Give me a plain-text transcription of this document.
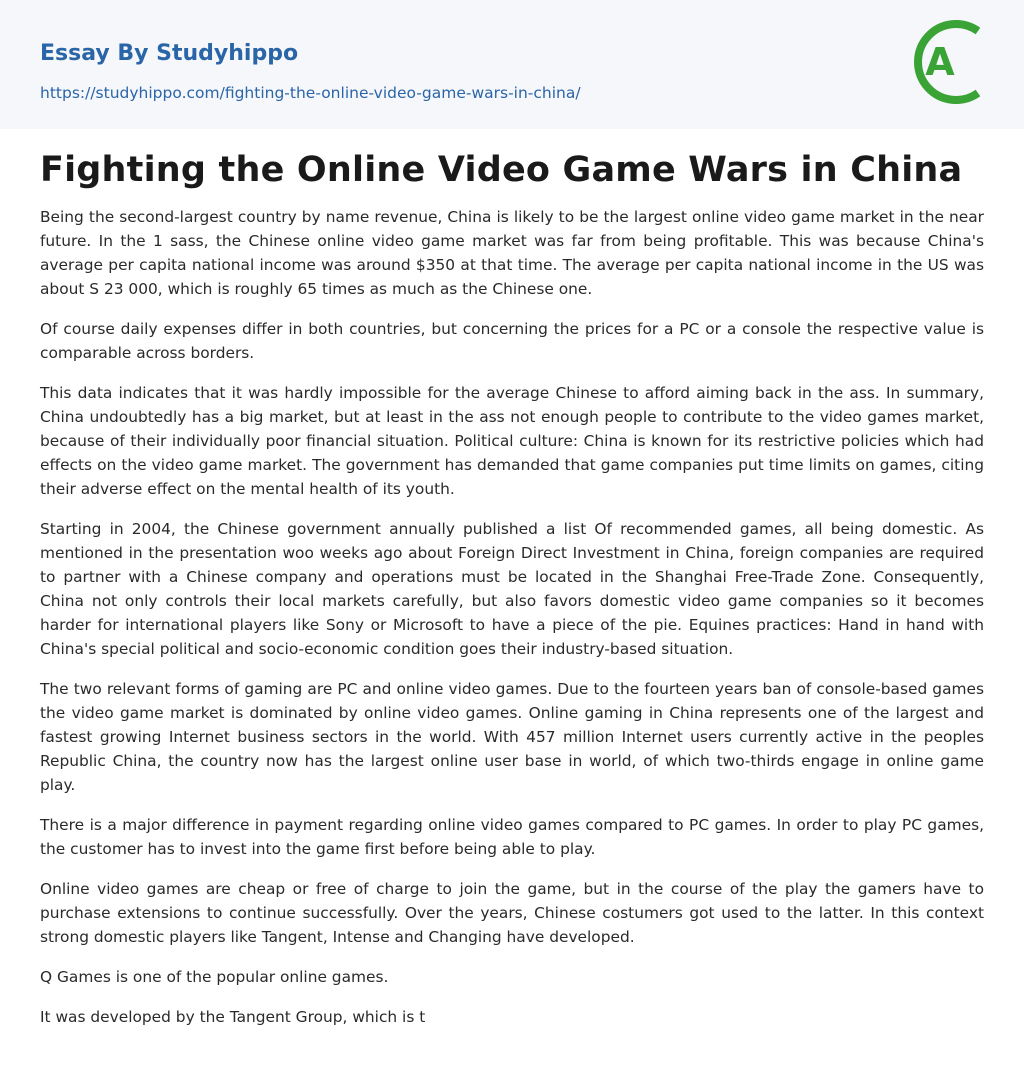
Essay By Studyhippo
https://studyhippo.com/fighting-the-online-video-game-wars-in-china/
A
Fighting the Online Video Game Wars in China

Being the second-largest country by name revenue, China is likely to be the largest online video game market in the near future. In the 1 sass, the Chinese online video game market was far from being profitable. This was because China's average per capita national income was around $350 at that time. The average per capita national income in the US was about S 23 000, which is roughly 65 times as much as the Chinese one.

Of course daily expenses differ in both countries, but concerning the prices for a PC or a console the respective value is comparable across borders.

This data indicates that it was hardly impossible for the average Chinese to afford aiming back in the ass. In summary, China undoubtedly has a big market, but at least in the ass not enough people to contribute to the video games market, because of their individually poor financial situation. Political culture: China is known for its restrictive policies which had effects on the video game market. The government has demanded that game companies put time limits on games, citing their adverse effect on the mental health of its youth.

Starting in 2004, the Chinese government annually published a list Of recommended games, all being domestic. As mentioned in the presentation woo weeks ago about Foreign Direct Investment in China, foreign companies are required to partner with a Chinese company and operations must be located in the Shanghai Free-Trade Zone. Consequently, China not only controls their local markets carefully, but also favors domestic video game companies so it becomes harder for international players like Sony or Microsoft to have a piece of the pie. Equines practices: Hand in hand with China's special political and socio-economic condition goes their industry-based situation.

The two relevant forms of gaming are PC and online video games. Due to the fourteen years ban of console-based games the video game market is dominated by online video games. Online gaming in China represents one of the largest and fastest growing Internet business sectors in the world. With 457 million Internet users currently active in the peoples Republic China, the country now has the largest online user base in world, of which two-thirds engage in online game play.

There is a major difference in payment regarding online video games compared to PC games. In order to play PC games, the customer has to invest into the game first before being able to play.

Online video games are cheap or free of charge to join the game, but in the course of the play the gamers have to purchase extensions to continue successfully. Over the years, Chinese costumers got used to the latter. In this context strong domestic players like Tangent, Intense and Changing have developed.

Q Games is one of the popular online games.

It was developed by the Tangent Group, which is t
